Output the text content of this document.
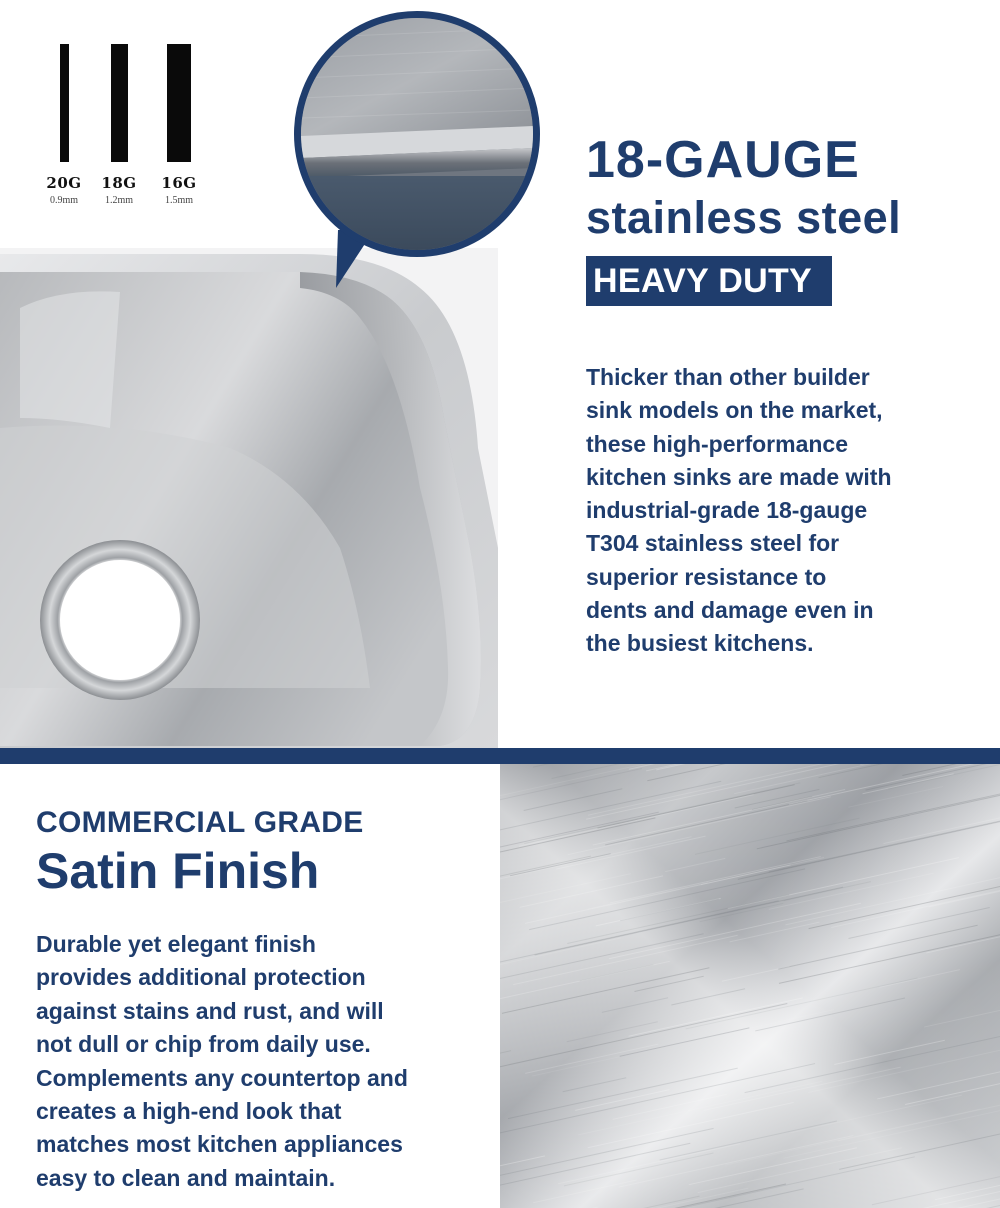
20G
0.9mm
18G
1.2mm
16G
1.5mm
18-GAUGE
stainless steel
HEAVY DUTY
Thicker than other builder
sink models on the market,
these high-performance
kitchen sinks are made with
industrial-grade 18-gauge
T304 stainless steel for
superior resistance to
dents and damage even in
the busiest kitchens.
COMMERCIAL GRADE
Satin Finish
Durable yet elegant finish
provides additional protection
against stains and rust, and will
not dull or chip from daily use.
Complements any countertop and
creates a high-end look that
matches most kitchen appliances
easy to clean and maintain.
